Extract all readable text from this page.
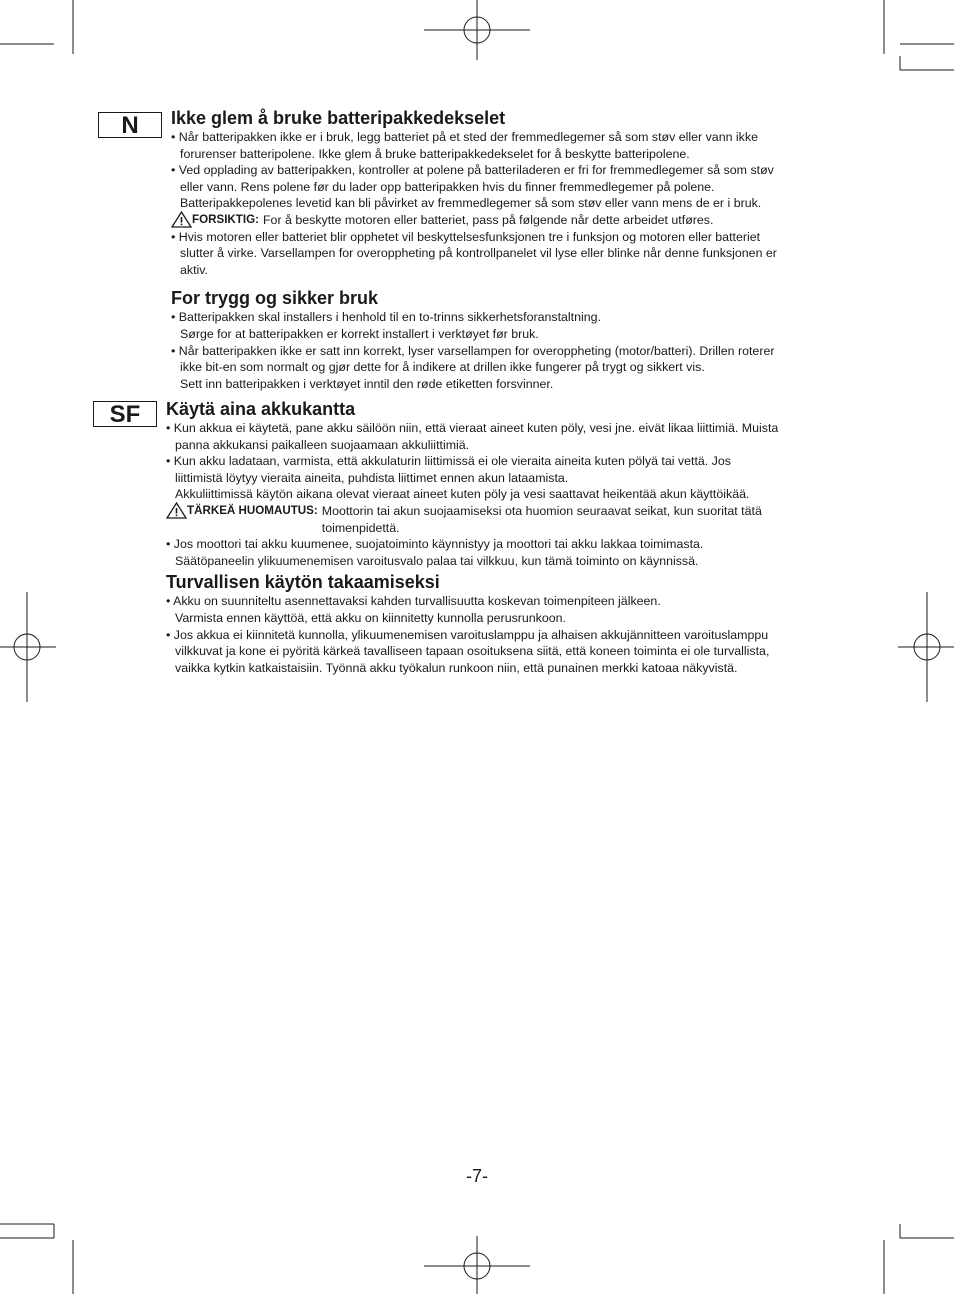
N	Ikke glem å bruke batteripakkedekselet
• Når batteripakken ikke er i bruk, legg batteriet på et sted der fremmedlegemer så som støv eller vann ikke
forurenser batteripolene. Ikke glem å bruke batteripakkedekselet for å beskytte batteripolene.
• Ved opplading av batteripakken, kontroller at polene på batteriladeren er fri for fremmedlegemer så som støv
eller vann. Rens polene før du lader opp batteripakken hvis du finner fremmedlegemer på polene.
Batteripakkepolenes levetid kan bli påvirket av fremmedlegemer så som støv eller vann mens de er i bruk.
FORSIKTIG: For å beskytte motoren eller batteriet, pass på følgende når dette arbeidet utføres.
• Hvis motoren eller batteriet blir opphetet vil beskyttelsesfunksjonen tre i funksjon og motoren eller batteriet
slutter å virke. Varsellampen for overoppheting på kontrollpanelet vil lyse eller blinke når denne funksjonen er
aktiv.
For trygg og sikker bruk
• Batteripakken skal installers i henhold til en to-trinns sikkerhetsforanstaltning.
Sørge for at batteripakken er korrekt installert i verktøyet før bruk.
• Når batteripakken ikke er satt inn korrekt, lyser varsellampen for overoppheting (motor/batteri). Drillen roterer
ikke bit-en som normalt og gjør dette for å indikere at drillen ikke fungerer på trygt og sikkert vis.
Sett inn batteripakken i verktøyet inntil den røde etiketten forsvinner.
SF	Käytä aina akkukantta
• Kun akkua ei käytetä, pane akku säilöön niin, että vieraat aineet kuten pöly, vesi jne. eivät likaa liittimiä. Muista
panna akkukansi paikalleen suojaamaan akkuliittimiä.
• Kun akku ladataan, varmista, että akkulaturin liittimissä ei ole vieraita aineita kuten pölyä tai vettä. Jos
liittimistä löytyy vieraita aineita, puhdista liittimet ennen akun lataamista.
Akkuliittimissä käytön aikana olevat vieraat aineet kuten pöly ja vesi saattavat heikentää akun käyttöikää.
TÄRKEÄ HUOMAUTUS: Moottorin tai akun suojaamiseksi ota huomion seuraavat seikat, kun suoritat tätä
toimenpidettä.
• Jos moottori tai akku kuumenee, suojatoiminto käynnistyy ja moottori tai akku lakkaa toimimasta.
Säätöpaneelin ylikuumenemisen varoitusvalo palaa tai vilkkuu, kun tämä toiminto on käynnissä.
Turvallisen käytön takaamiseksi
• Akku on suunniteltu asennettavaksi kahden turvallisuutta koskevan toimenpiteen jälkeen.
Varmista ennen käyttöä, että akku on kiinnitetty kunnolla perusrunkoon.
• Jos akkua ei kiinnitetä kunnolla, ylikuumenemisen varoituslamppu ja alhaisen akkujännitteen varoituslamppu
vilkkuvat ja kone ei pyöritä kärkeä tavalliseen tapaan osoituksena siitä, että koneen toiminta ei ole turvallista,
vaikka kytkin katkaistaisiin. Työnnä akku työkalun runkoon niin, että punainen merkki katoaa näkyvistä.
-7-
